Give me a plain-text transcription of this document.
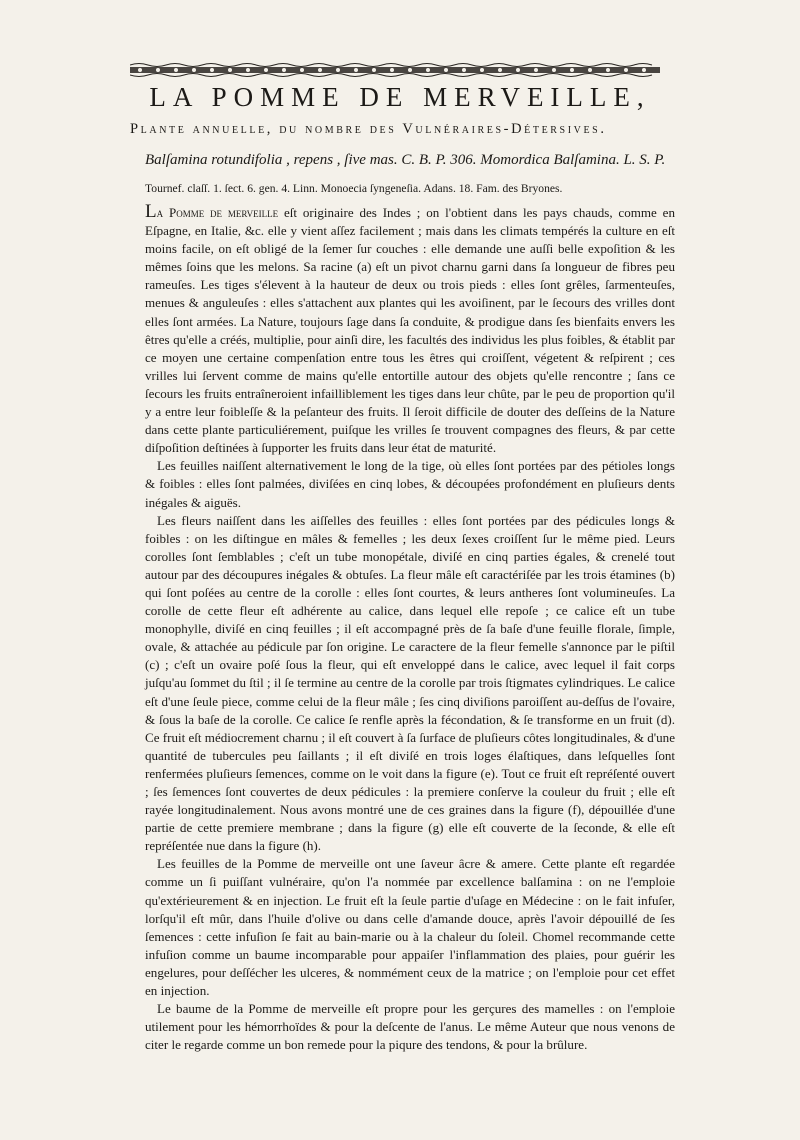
LA POMME DE MERVEILLE,
Plante annuelle, du nombre des Vulnéraires-Détersives.
Balſamina rotundifolia , repens , ſive mas. C. B. P. 306. Momordica Balſamina. L. S. P.
Tournef. claſſ. 1. ſect. 6. gen. 4. Linn. Monoecia ſyngeneſia. Adans. 18. Fam. des Bryones.

La Pomme de merveille eſt originaire des Indes ; on l'obtient dans les pays chauds, comme en Eſpagne, en Italie, &c. elle y vient aſſez facilement ; mais dans les climats tempérés la culture en eſt moins facile, on eſt obligé de la ſemer ſur couches : elle demande une auſſi belle expoſition & les mêmes ſoins que les melons. Sa racine (a) eſt un pivot charnu garni dans ſa longueur de fibres peu rameuſes. Les tiges s'élevent à la hauteur de deux ou trois pieds : elles ſont grêles, ſarmenteuſes, menues & anguleuſes : elles s'attachent aux plantes qui les avoiſinent, par le ſecours des vrilles dont elles ſont armées. La Nature, toujours ſage dans ſa conduite, & prodigue dans ſes bienfaits envers les êtres qu'elle a créés, multiplie, pour ainſi dire, les facultés des individus les plus foibles, & établit par ce moyen une certaine compenſation entre tous les êtres qui croiſſent, végetent & reſpirent ; ces vrilles lui ſervent comme de mains qu'elle entortille autour des objets qu'elle rencontre ; ſans ce ſecours les fruits entraîneroient infailliblement les tiges dans leur chûte, par le peu de proportion qu'il y a entre leur foibleſſe & la peſanteur des fruits. Il ſeroit difficile de douter des deſſeins de la Nature dans cette plante particuliérement, puiſque les vrilles ſe trouvent compagnes des fleurs, & par cette diſpoſition deſtinées à ſupporter les fruits dans leur état de maturité.

Les feuilles naiſſent alternativement le long de la tige, où elles ſont portées par des pétioles longs & foibles : elles ſont palmées, diviſées en cinq lobes, & découpées profondément en pluſieurs dents inégales & aiguës.

Les fleurs naiſſent dans les aiſſelles des feuilles : elles ſont portées par des pédicules longs & foibles : on les diſtingue en mâles & femelles ; les deux ſexes croiſſent ſur le même pied. Leurs corolles ſont ſemblables ; c'eſt un tube monopétale, diviſé en cinq parties égales, & crenelé tout autour par des découpures inégales & obtuſes. La fleur mâle eſt caractériſée par les trois étamines (b) qui ſont poſées au centre de la corolle : elles ſont courtes, & leurs antheres ſont volumineuſes. La corolle de cette fleur eſt adhérente au calice, dans lequel elle repoſe ; ce calice eſt un tube monophylle, diviſé en cinq feuilles ; il eſt accompagné près de ſa baſe d'une feuille florale, ſimple, ovale, & attachée au pédicule par ſon origine. Le caractere de la fleur femelle s'annonce par le piſtil (c) ; c'eſt un ovaire poſé ſous la fleur, qui eſt enveloppé dans le calice, avec lequel il fait corps juſqu'au ſommet du ſtil ; il ſe termine au centre de la corolle par trois ſtigmates cylindriques. Le calice eſt d'une ſeule piece, comme celui de la fleur mâle ; ſes cinq diviſions paroiſſent au-deſſus de l'ovaire, & ſous la baſe de la corolle. Ce calice ſe renfle après la fécondation, & ſe transforme en un fruit (d). Ce fruit eſt médiocrement charnu ; il eſt couvert à ſa ſurface de pluſieurs côtes longitudinales, & d'une quantité de tubercules peu ſaillants ; il eſt diviſé en trois loges élaſtiques, dans leſquelles ſont renfermées pluſieurs ſemences, comme on le voit dans la figure (e). Tout ce fruit eſt repréſenté ouvert ; ſes ſemences ſont couvertes de deux pédicules : la premiere conſerve la couleur du fruit ; elle eſt rayée longitudinalement. Nous avons montré une de ces graines dans la figure (f), dépouillée d'une partie de cette premiere membrane ; dans la figure (g) elle eſt couverte de la ſeconde, & elle eſt repréſentée nue dans la figure (h).

Les feuilles de la Pomme de merveille ont une ſaveur âcre & amere. Cette plante eſt regardée comme un ſi puiſſant vulnéraire, qu'on l'a nommée par excellence balſamina : on ne l'emploie qu'extérieurement & en injection. Le fruit eſt la ſeule partie d'uſage en Médecine : on le fait infuſer, lorſqu'il eſt mûr, dans l'huile d'olive ou dans celle d'amande douce, après l'avoir dépouillé de ſes ſemences : cette infuſion ſe fait au bain-marie ou à la chaleur du ſoleil. Chomel recommande cette infuſion comme un baume incomparable pour appaiſer l'inflammation des plaies, pour guérir les engelures, pour deſſécher les ulceres, & nommément ceux de la matrice ; on l'emploie pour cet effet en injection.

Le baume de la Pomme de merveille eſt propre pour les gerçures des mamelles : on l'emploie utilement pour les hémorrhoïdes & pour la deſcente de l'anus. Le même Auteur que nous venons de citer le regarde comme un bon remede pour la piqure des tendons, & pour la brûlure.
